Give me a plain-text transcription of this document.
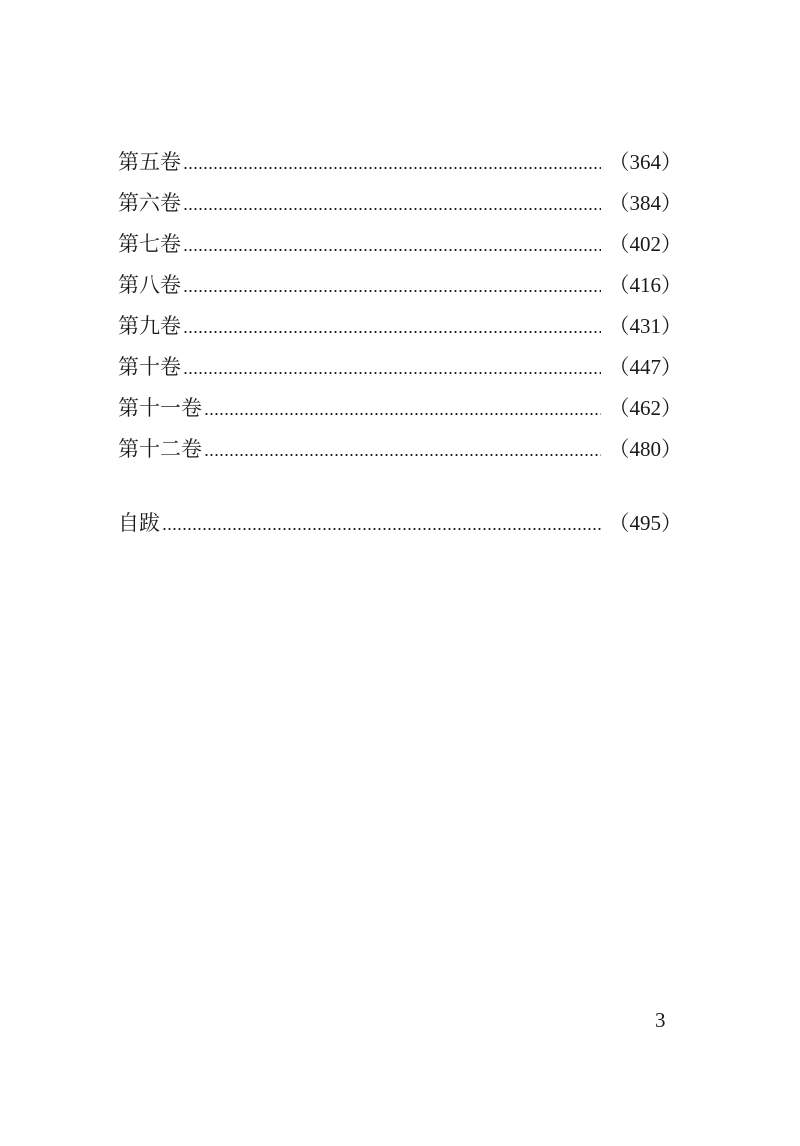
第五卷	（364）
第六卷	（384）
第七卷	（402）
第八卷	（416）
第九卷	（431）
第十卷	（447）
第十一卷	（462）
第十二卷	（480）
自跋	（495）
3
